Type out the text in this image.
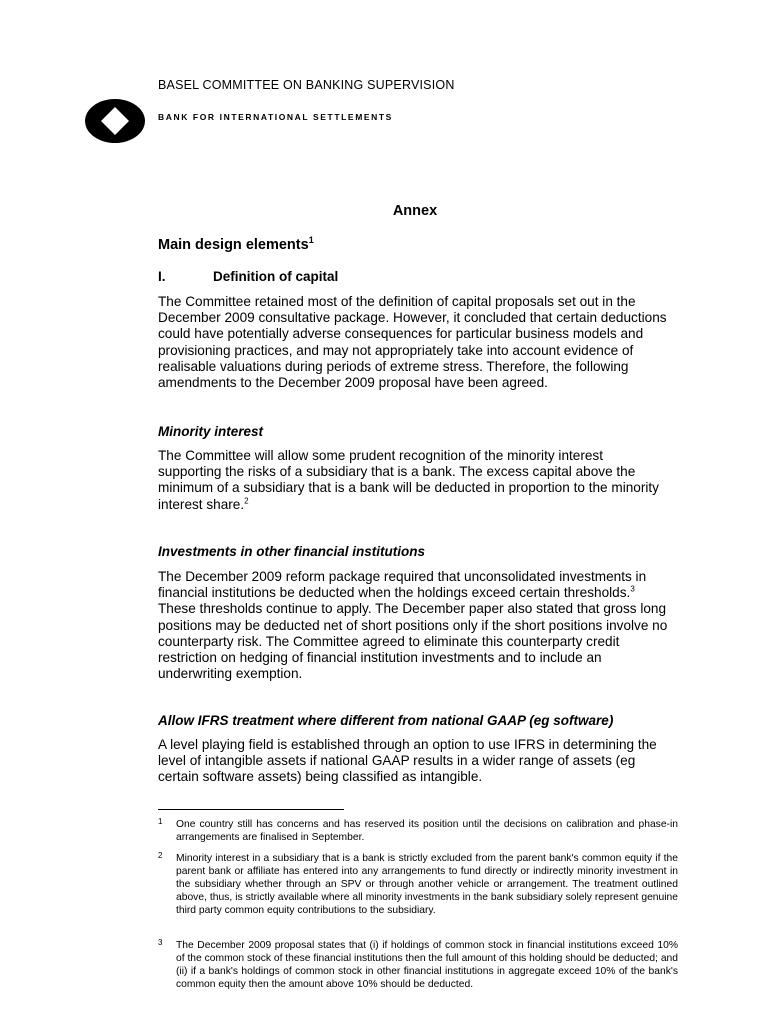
BASEL COMMITTEE ON BANKING SUPERVISION
BANK FOR INTERNATIONAL SETTLEMENTS
Annex
Main design elements$^1$
I.	Definition of capital

The Committee retained most of the definition of capital proposals set out in the December 2009 consultative package. However, it concluded that certain deductions could have potentially adverse consequences for particular business models and provisioning practices, and may not appropriately take into account evidence of realisable valuations during periods of extreme stress. Therefore, the following amendments to the December 2009 proposal have been agreed.

Minority interest

The Committee will allow some prudent recognition of the minority interest supporting the risks of a subsidiary that is a bank. The excess capital above the minimum of a subsidiary that is a bank will be deducted in proportion to the minority interest share.$^2$

Investments in other financial institutions

The December 2009 reform package required that unconsolidated investments in financial institutions be deducted when the holdings exceed certain thresholds.$^3$ These thresholds continue to apply. The December paper also stated that gross long positions may be deducted net of short positions only if the short positions involve no counterparty risk. The Committee agreed to eliminate this counterparty credit restriction on hedging of financial institution investments and to include an underwriting exemption.

Allow IFRS treatment where different from national GAAP (eg software)

A level playing field is established through an option to use IFRS in determining the level of intangible assets if national GAAP results in a wider range of assets (eg certain software assets) being classified as intangible.

1 One country still has concerns and has reserved its position until the decisions on calibration and phase-in arrangements are finalised in September.
2 Minority interest in a subsidiary that is a bank is strictly excluded from the parent bank's common equity if the parent bank or affiliate has entered into any arrangements to fund directly or indirectly minority investment in the subsidiary whether through an SPV or through another vehicle or arrangement. The treatment outlined above, thus, is strictly available where all minority investments in the bank subsidiary solely represent genuine third party common equity contributions to the subsidiary.
3 The December 2009 proposal states that (i) if holdings of common stock in financial institutions exceed 10% of the common stock of these financial institutions then the full amount of this holding should be deducted; and (ii) if a bank's holdings of common stock in other financial institutions in aggregate exceed 10% of the bank's common equity then the amount above 10% should be deducted.
